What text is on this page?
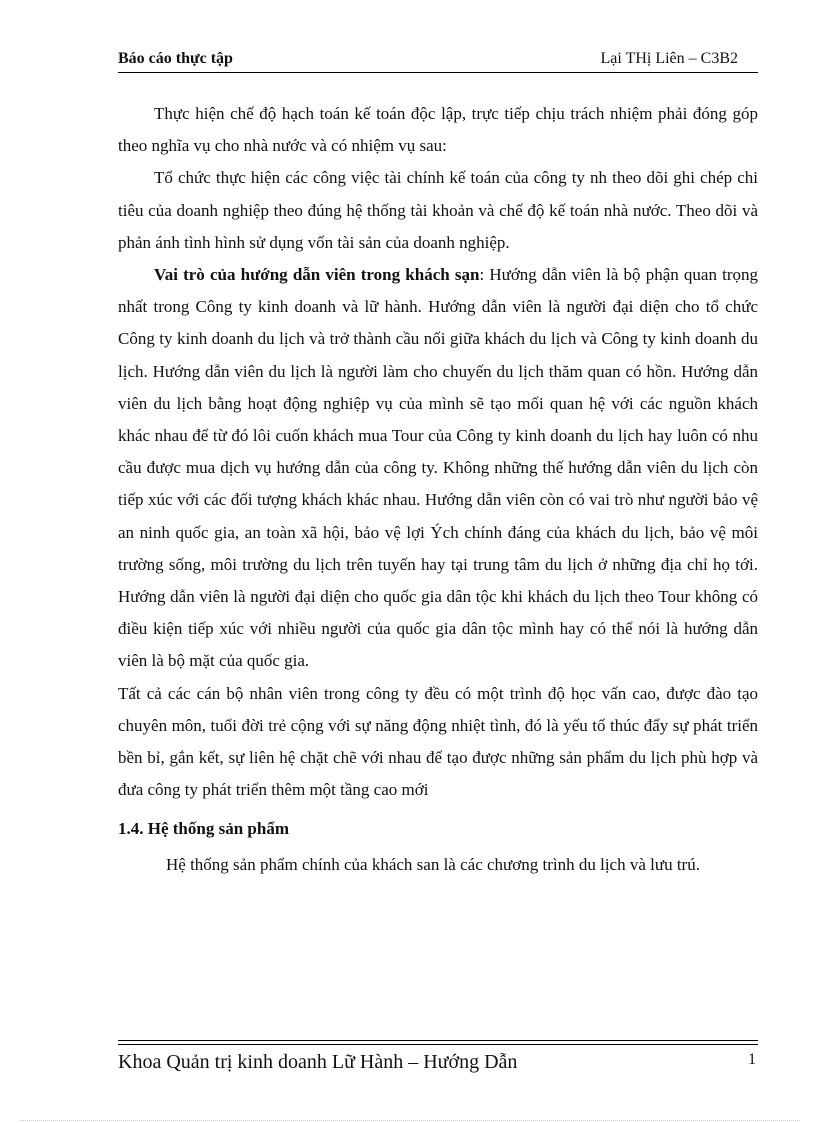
Báo cáo thực tập	Lại THị Liên – C3B2

Thực hiện chế độ hạch toán kế toán độc lập, trực tiếp chịu trách nhiệm phải đóng góp theo nghĩa vụ cho nhà nước và có nhiệm vụ sau:

Tổ chức thực hiện các công việc tài chính kế toán của công ty nh theo dõi ghi chép chi tiêu của doanh nghiệp theo đúng hệ thống tài khoản và chế độ kế toán nhà nước. Theo dõi và phản ánh tình hình sử dụng vốn tài sản của doanh nghiệp.

Vai trò của hướng dẫn viên trong khách sạn: Hướng dẫn viên là bộ phận quan trọng nhất trong Công ty kinh doanh và lữ hành. Hướng dẫn viên là người đại diện cho tổ chức Công ty kinh doanh du lịch và trở thành cầu nối giữa khách du lịch và Công ty kinh doanh du lịch. Hướng dẫn viên du lịch là người làm cho chuyến du lịch thăm quan có hồn. Hướng dẫn viên du lịch bằng hoạt động nghiệp vụ của mình sẽ tạo mối quan hệ với các nguồn khách khác nhau để từ đó lôi cuốn khách mua Tour của Công ty kinh doanh du lịch hay luôn có nhu cầu được mua dịch vụ hướng dẫn của công ty. Không những thế hướng dẫn viên du lịch còn tiếp xúc với các đối tượng khách khác nhau. Hướng dẫn viên còn có vai trò như người bảo vệ an ninh quốc gia, an toàn xã hội, bảo vệ lợi Ých chính đáng của khách du lịch, bảo vệ môi trường sống, môi trường du lịch trên tuyến hay tại trung tâm du lịch ở những địa chỉ họ tới. Hướng dẫn viên là người đại diện cho quốc gia dân tộc khi khách du lịch theo Tour không có điều kiện tiếp xúc với nhiều người của quốc gia dân tộc mình hay có thể nói là hướng dẫn viên là bộ mặt của quốc gia.

Tất cả các cán bộ nhân viên trong công ty đều có một trình độ học vấn cao, được đào tạo chuyên môn, tuổi đời trẻ cộng với sự năng động nhiệt tình, đó là yếu tố thúc đẩy sự phát triển bền bỉ, gắn kết, sự liên hệ chặt chẽ với nhau để tạo được những sản phẩm du lịch phù hợp và đưa công ty phát triển thêm một tầng cao mới

1.4. Hệ thống sản phẩm

Hệ thống sản phẩm chính của khách san là các chương trình du lịch và lưu trú.

Khoa Quản trị kinh doanh Lữ Hành – Hướng Dẫn	1
